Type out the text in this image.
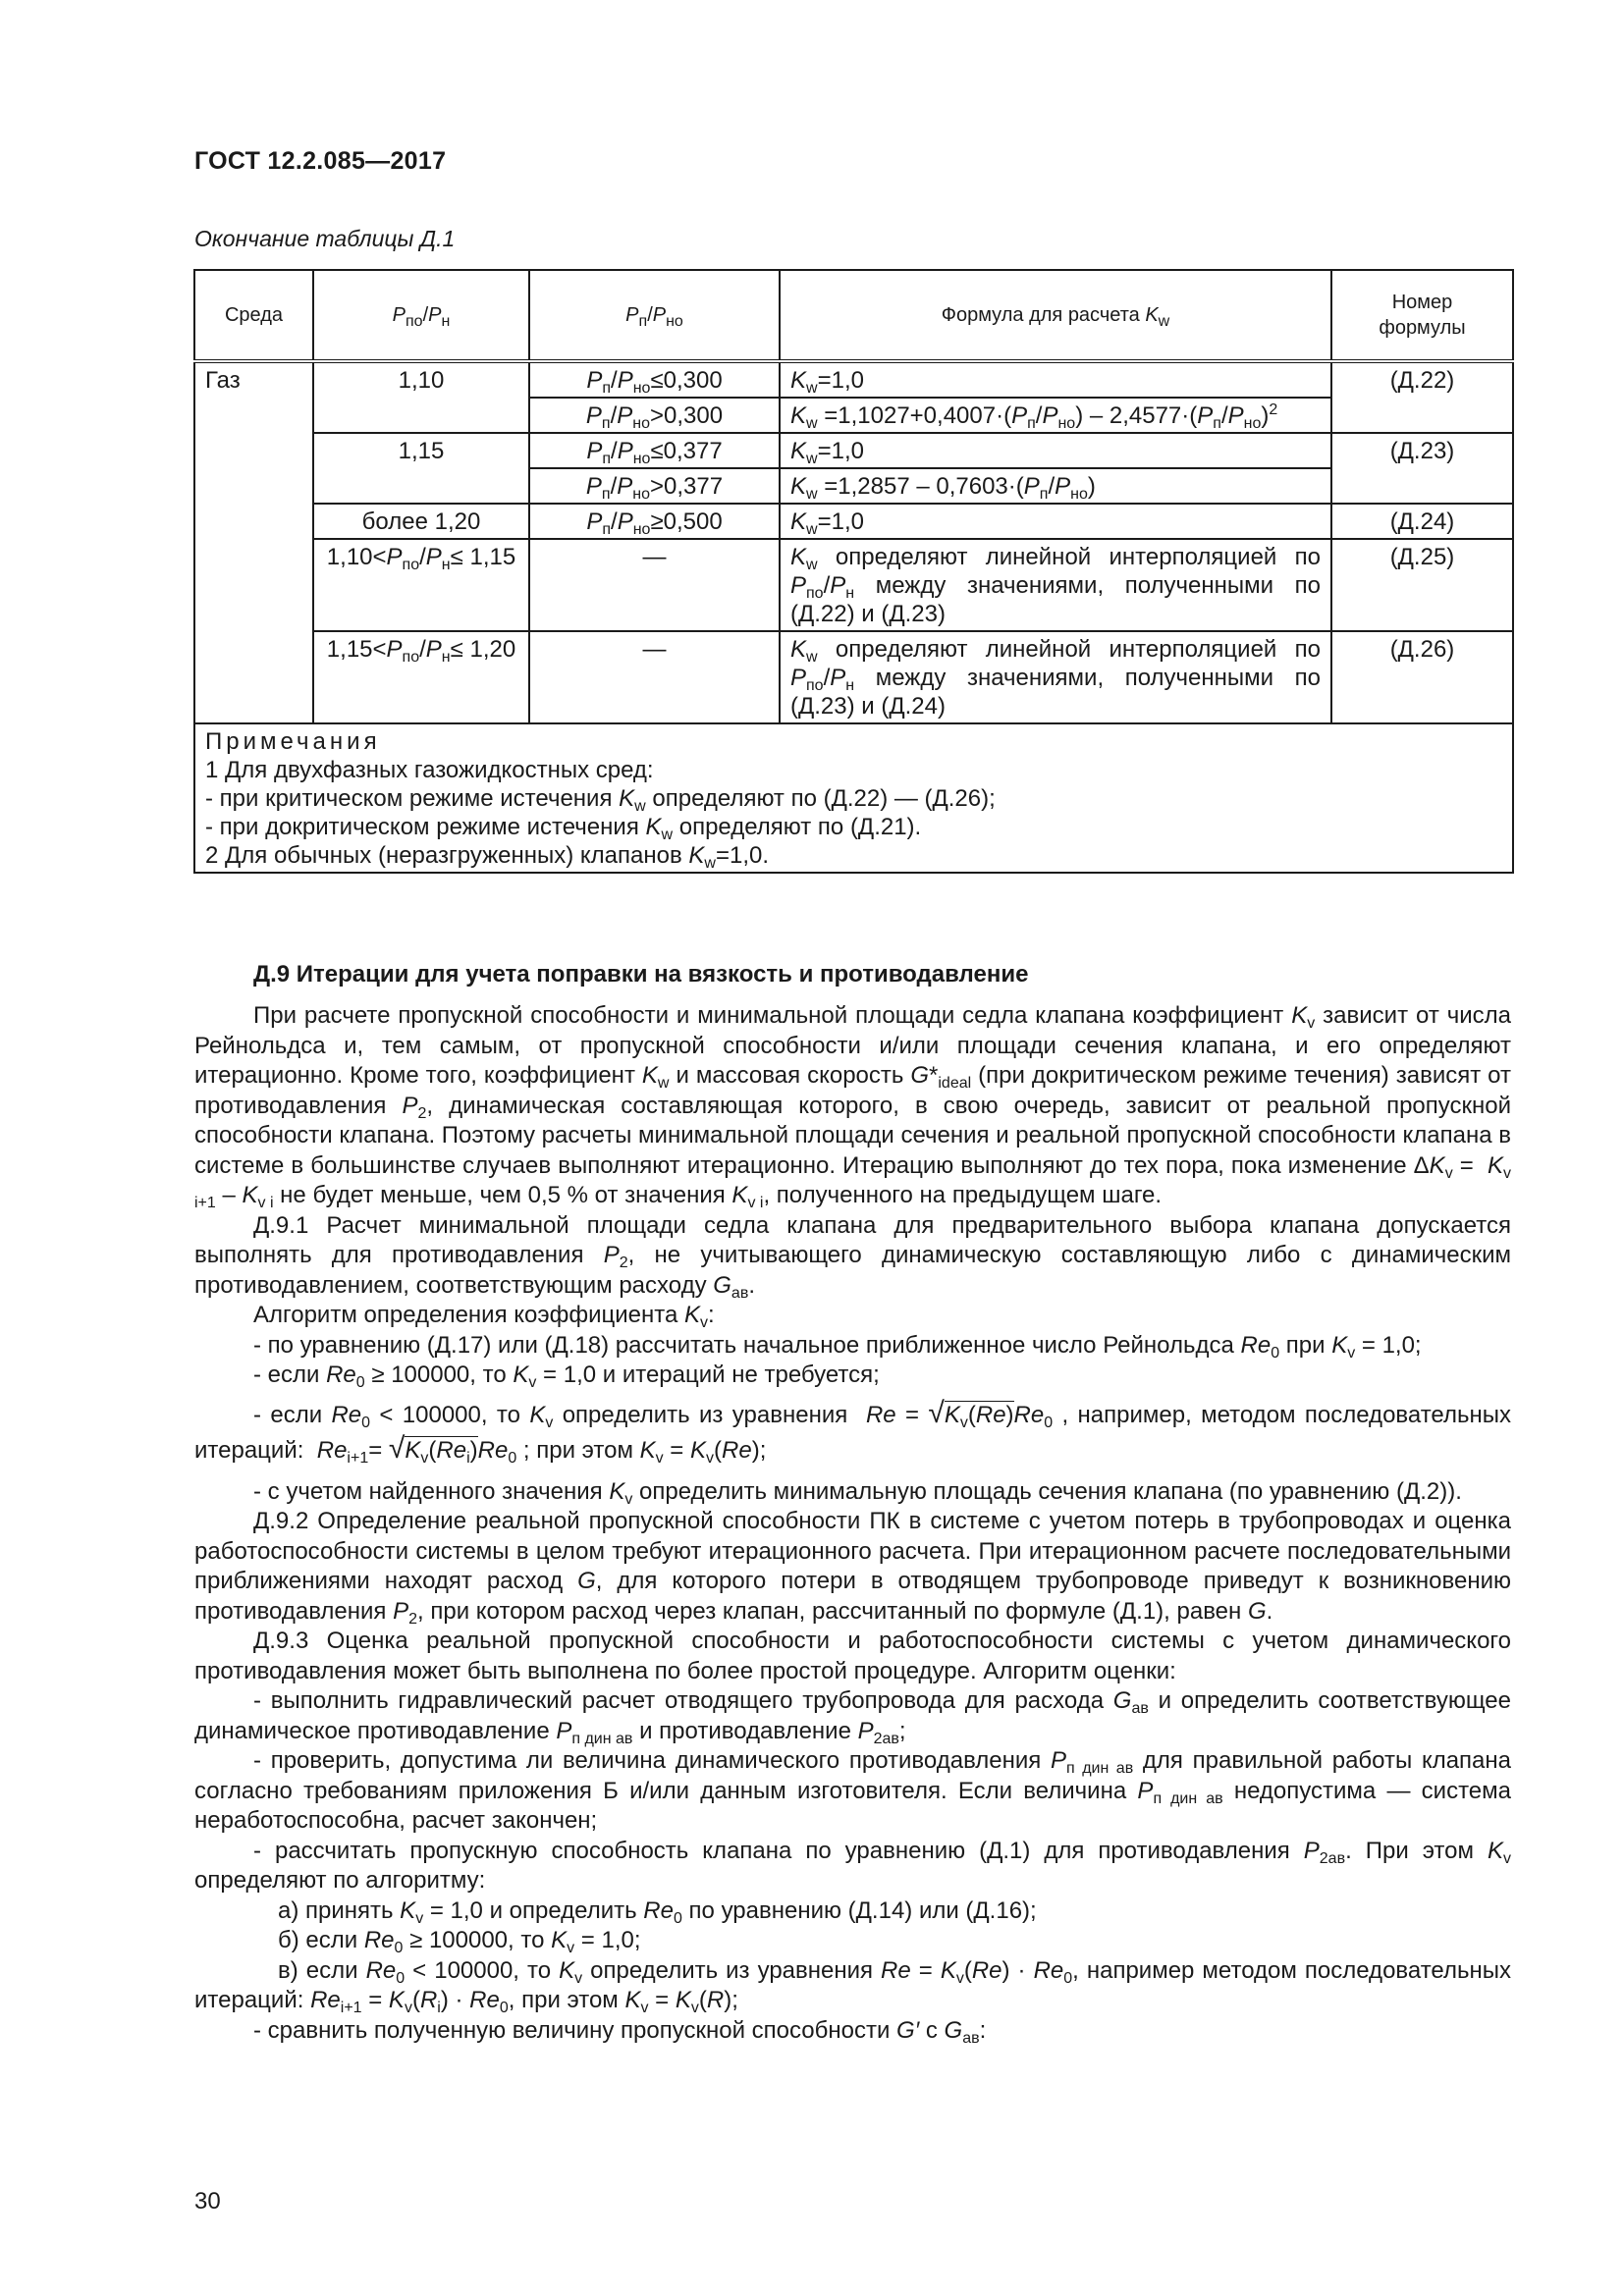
ГОСТ 12.2.085—2017
Окончание таблицы Д.1
Среда	$P_{по}/P_н$	$P_п/P_{но}$	Формула для расчета $K_w$	Номер
формулы
Газ	1,10	$P_п/P_{но}\le 0,300$	$K_w=1,0$	(Д.22)
		$P_п/P_{но}>0,300$	$K_w =1,1027+0,4007\cdot(P_п/P_{но}) - 2,4577\cdot(P_п/P_{но})^2$
	1,15	$P_п/P_{но}\le 0,377$	$K_w=1,0$	(Д.23)
		$P_п/P_{но}>0,377$	$K_w =1,2857 - 0,7603\cdot(P_п/P_{но})$	
	более 1,20	$P_п/P_{но}\ge 0,500$	$K_w=1,0$	(Д.24)
	$1,10<P_{по}/P_н\le 1,15$	—	$K_w$ определяют линейной интерполяцией по $P_{по}/P_н$ между значениями, полученными по (Д.22) и (Д.23)	(Д.25)
	$1,15<P_{по}/P_н\le 1,20$	—	$K_w$ определяют линейной интерполяцией по $P_{по}/P_н$ между значениями, полученными по (Д.23) и (Д.24)	(Д.26)

Примечания
1 Для двухфазных газожидкостных сред:
- при критическом режиме истечения $K_w$ определяют по (Д.22) — (Д.26);
- при докритическом режиме истечения $K_w$ определяют по (Д.21).
2 Для обычных (неразгруженных) клапанов $K_w=1,0$.				
Д.9 Итерации для учета поправки на вязкость и противодавление

При расчете пропускной способности и минимальной площади седла клапана коэффициент $K_v$ зависит от числа Рейнольдса и, тем самым, от пропускной способности и/или площади сечения клапана, и его определяют итерационно. Кроме того, коэффициент $K_w$ и массовая скорость $G*_{ideal}$ (при докритическом режиме течения) зависят от противодавления $P_2$, динамическая составляющая которого, в свою очередь, зависит от реальной пропускной способности клапана. Поэтому расчеты минимальной площади сечения и реальной пропускной способности клапана в системе в большинстве случаев выполняют итерационно. Итерацию выполняют до тех пора, пока изменение $\Delta K_v = K_{v i+1} - K_{v i}$ не будет меньше, чем 0,5 % от значения $K_{v i}$, полученного на предыдущем шаге.

Д.9.1 Расчет минимальной площади седла клапана для предварительного выбора клапана допускается выполнять для противодавления $P_2$, не учитывающего динамическую составляющую либо с динамическим противодавлением, соответствующим расходу $G_{ав}$.

Алгоритм определения коэффициента $K_v$:

- по уравнению (Д.17) или (Д.18) рассчитать начальное приближенное число Рейнольдса $Re_0$ при $K_v = 1,0$;

- если $Re_0 \ge 100000$, то $K_v = 1,0$ и итераций не требуется;

- если $Re_0 < 100000$, то $K_v$ определить из уравнения  $Re = √K_v(Re)Re_0$ , например, методом последовательных итераций:  $Re_{i+1}= √K_v(Re_i)Re_0$ ; при этом $K_v = K_v(Re)$;

- с учетом найденного значения $K_v$ определить минимальную площадь сечения клапана (по уравнению (Д.2)).

Д.9.2 Определение реальной пропускной способности ПК в системе с учетом потерь в трубопроводах и оценка работоспособности системы в целом требуют итерационного расчета. При итерационном расчете последовательными приближениями находят расход G, для которого потери в отводящем трубопроводе приведут к возникновению противодавления $P_2$, при котором расход через клапан, рассчитанный по формуле (Д.1), равен G.

Д.9.3 Оценка реальной пропускной способности и работоспособности системы с учетом динамического противодавления может быть выполнена по более простой процедуре. Алгоритм оценки:

- выполнить гидравлический расчет отводящего трубопровода для расхода $G_{ав}$ и определить соответствующее динамическое противодавление $P_{п дин ав}$ и противодавление $P_{2ав}$;

- проверить, допустима ли величина динамического противодавления $P_{п дин ав}$ для правильной работы клапана согласно требованиям приложения Б и/или данным изготовителя. Если величина $P_{п дин ав}$ недопустима — система неработоспособна, расчет закончен;

- рассчитать пропускную способность клапана по уравнению (Д.1) для противодавления $P_{2ав}$. При этом $K_v$ определяют по алгоритму:

а) принять $K_v = 1,0$ и определить $Re_0$ по уравнению (Д.14) или (Д.16);

б) если $Re_0 \ge 100000$, то $K_v = 1,0$;

в) если $Re_0 < 100000$, то $K_v$ определить из уравнения $Re = K_v(Re) \cdot Re_0$, например методом последовательных итераций: $Re_{i+1} = K_v(R_i) \cdot Re_0$, при этом $K_v = K_v(R)$;

- сравнить полученную величину пропускной способности G′ с $G_{ав}$:

30
